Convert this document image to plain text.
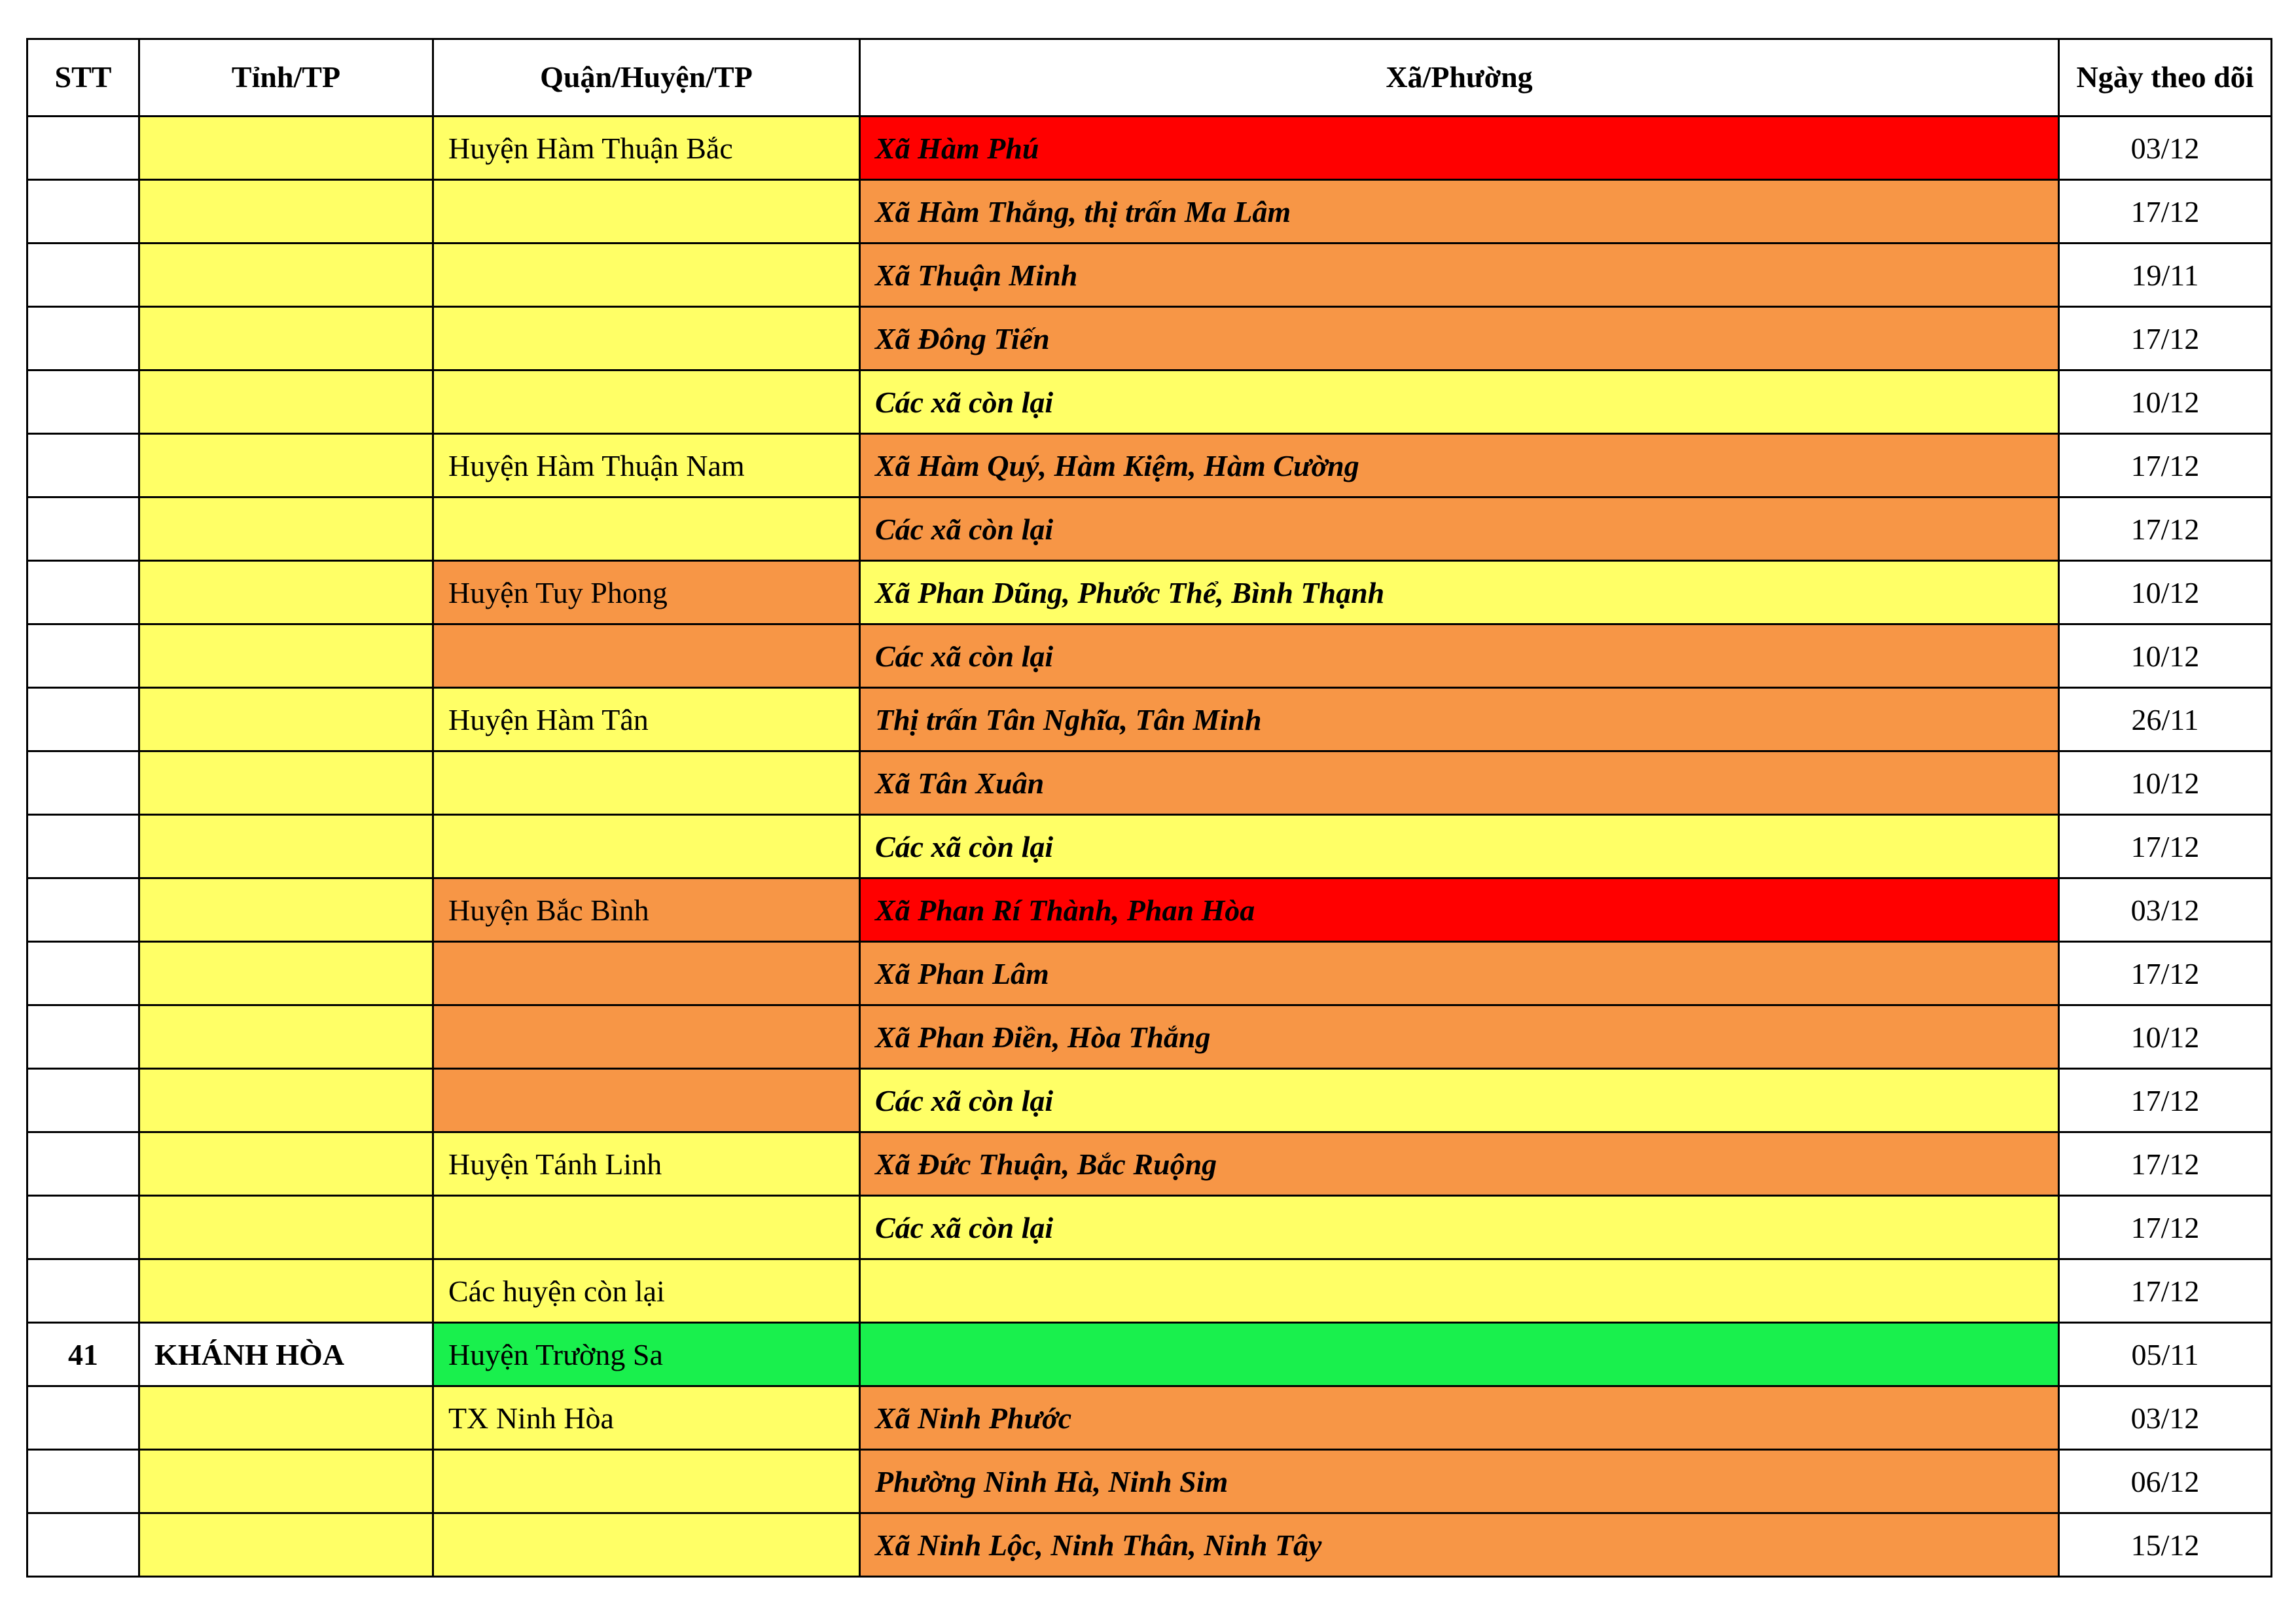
STT	Tỉnh/TP	Quận/Huyện/TP	Xã/Phường	Ngày theo dõi
		Huyện Hàm Thuận Bắc	Xã Hàm Phú	03/12
			Xã Hàm Thắng, thị trấn Ma Lâm	17/12
			Xã Thuận Minh	19/11
			Xã Đông Tiến	17/12
			Các xã còn lại	10/12
		Huyện Hàm Thuận Nam	Xã Hàm Quý, Hàm Kiệm, Hàm Cường	17/12
			Các xã còn lại	17/12
		Huyện Tuy Phong	Xã Phan Dũng, Phước Thể, Bình Thạnh	10/12
			Các xã còn lại	10/12
		Huyện Hàm Tân	Thị trấn Tân Nghĩa, Tân Minh	26/11
			Xã Tân Xuân	10/12
			Các xã còn lại	17/12
		Huyện Bắc Bình	Xã Phan Rí Thành, Phan Hòa	03/12
			Xã Phan Lâm	17/12
			Xã Phan Điền, Hòa Thắng	10/12
			Các xã còn lại	17/12
		Huyện Tánh Linh	Xã Đức Thuận, Bắc Ruộng	17/12
			Các xã còn lại	17/12
		Các huyện còn lại		17/12
41	KHÁNH HÒA	Huyện Trường Sa		05/11
		TX Ninh Hòa	Xã Ninh Phước	03/12
			Phường Ninh Hà, Ninh Sim	06/12
			Xã Ninh Lộc, Ninh Thân, Ninh Tây	15/12
